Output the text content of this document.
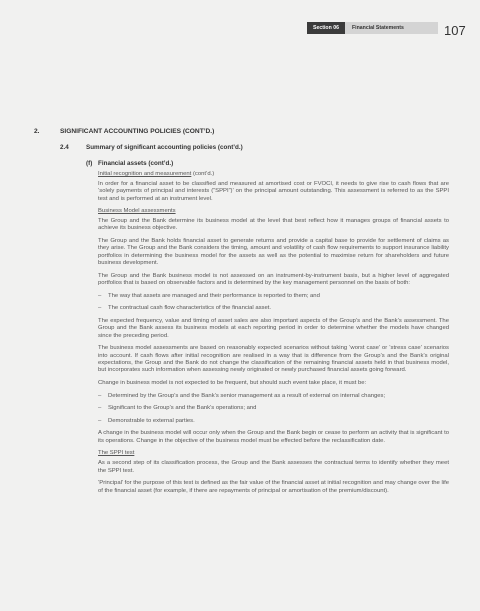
Section 06	Financial Statements	107
2.	SIGNIFICANT ACCOUNTING POLICIES (CONT’D.)
2.4	Summary of significant accounting policies (cont’d.)
(f) Financial assets (cont’d.)

Initial recognition and measurement (cont’d.)

In order for a financial asset to be classified and measured at amortised cost or FVOCI, it needs to give rise to cash flows that are ‘solely payments of principal and interests (“SPPI”)’ on the principal amount outstanding. This assessment is referred to as the SPPI test and is performed at an instrument level.

Business Model assessments

The Group and the Bank determine its business model at the level that best reflect how it manages groups of financial assets to achieve its business objective.

The Group and the Bank holds financial asset to generate returns and provide a capital base to provide for settlement of claims as they arise. The Group and the Bank considers the timing, amount and volatility of cash flow requirements to support insurance liability portfolios in determining the business model for the assets as well as the potential to maximise return for shareholders and future business development.

The Group and the Bank business model is not assessed on an instrument-by-instrument basis, but a higher level of aggregated portfolios that is based on observable factors and is determined by the key management personnel on the basis of both:

–	The way that assets are managed and their performance is reported to them; and
–	The contractual cash flow characteristics of the financial asset.

The expected frequency, value and timing of asset sales are also important aspects of the Group’s and the Bank’s assessment. The Group and the Bank assess its business models at each reporting period in order to determine whether the models have changed since the preceding period.

The business model assessments are based on reasonably expected scenarios without taking ‘worst case’ or ‘stress case’ scenarios into account. If cash flows after initial recognition are realised in a way that is difference from the Group’s and the Bank’s original expectations, the Group and the Bank do not change the classification of the remaining financial assets held in that business model, but incorporates such information when assessing newly originated or newly purchased financial assets going forward.

Change in business model is not expected to be frequent, but should such event take place, it must be:

–	Determined by the Group’s and the Bank’s senior management as a result of external on internal changes;
–	Significant to the Group’s and the Bank’s operations; and
–	Demonstrable to external parties.

A change in the business model will occur only when the Group and the Bank begin or cease to perform an activity that is significant to its operations. Change in the objective of the business model must be effected before the reclassification date.

The SPPI test

As a second step of its classification process, the Group and the Bank assesses the contractual terms to identify whether they meet the SPPI test.

‘Principal’ for the purpose of this test is defined as the fair value of the financial asset at initial recognition and may change over the life of the financial asset (for example, if there are repayments of principal or amortisation of the premium/discount).
